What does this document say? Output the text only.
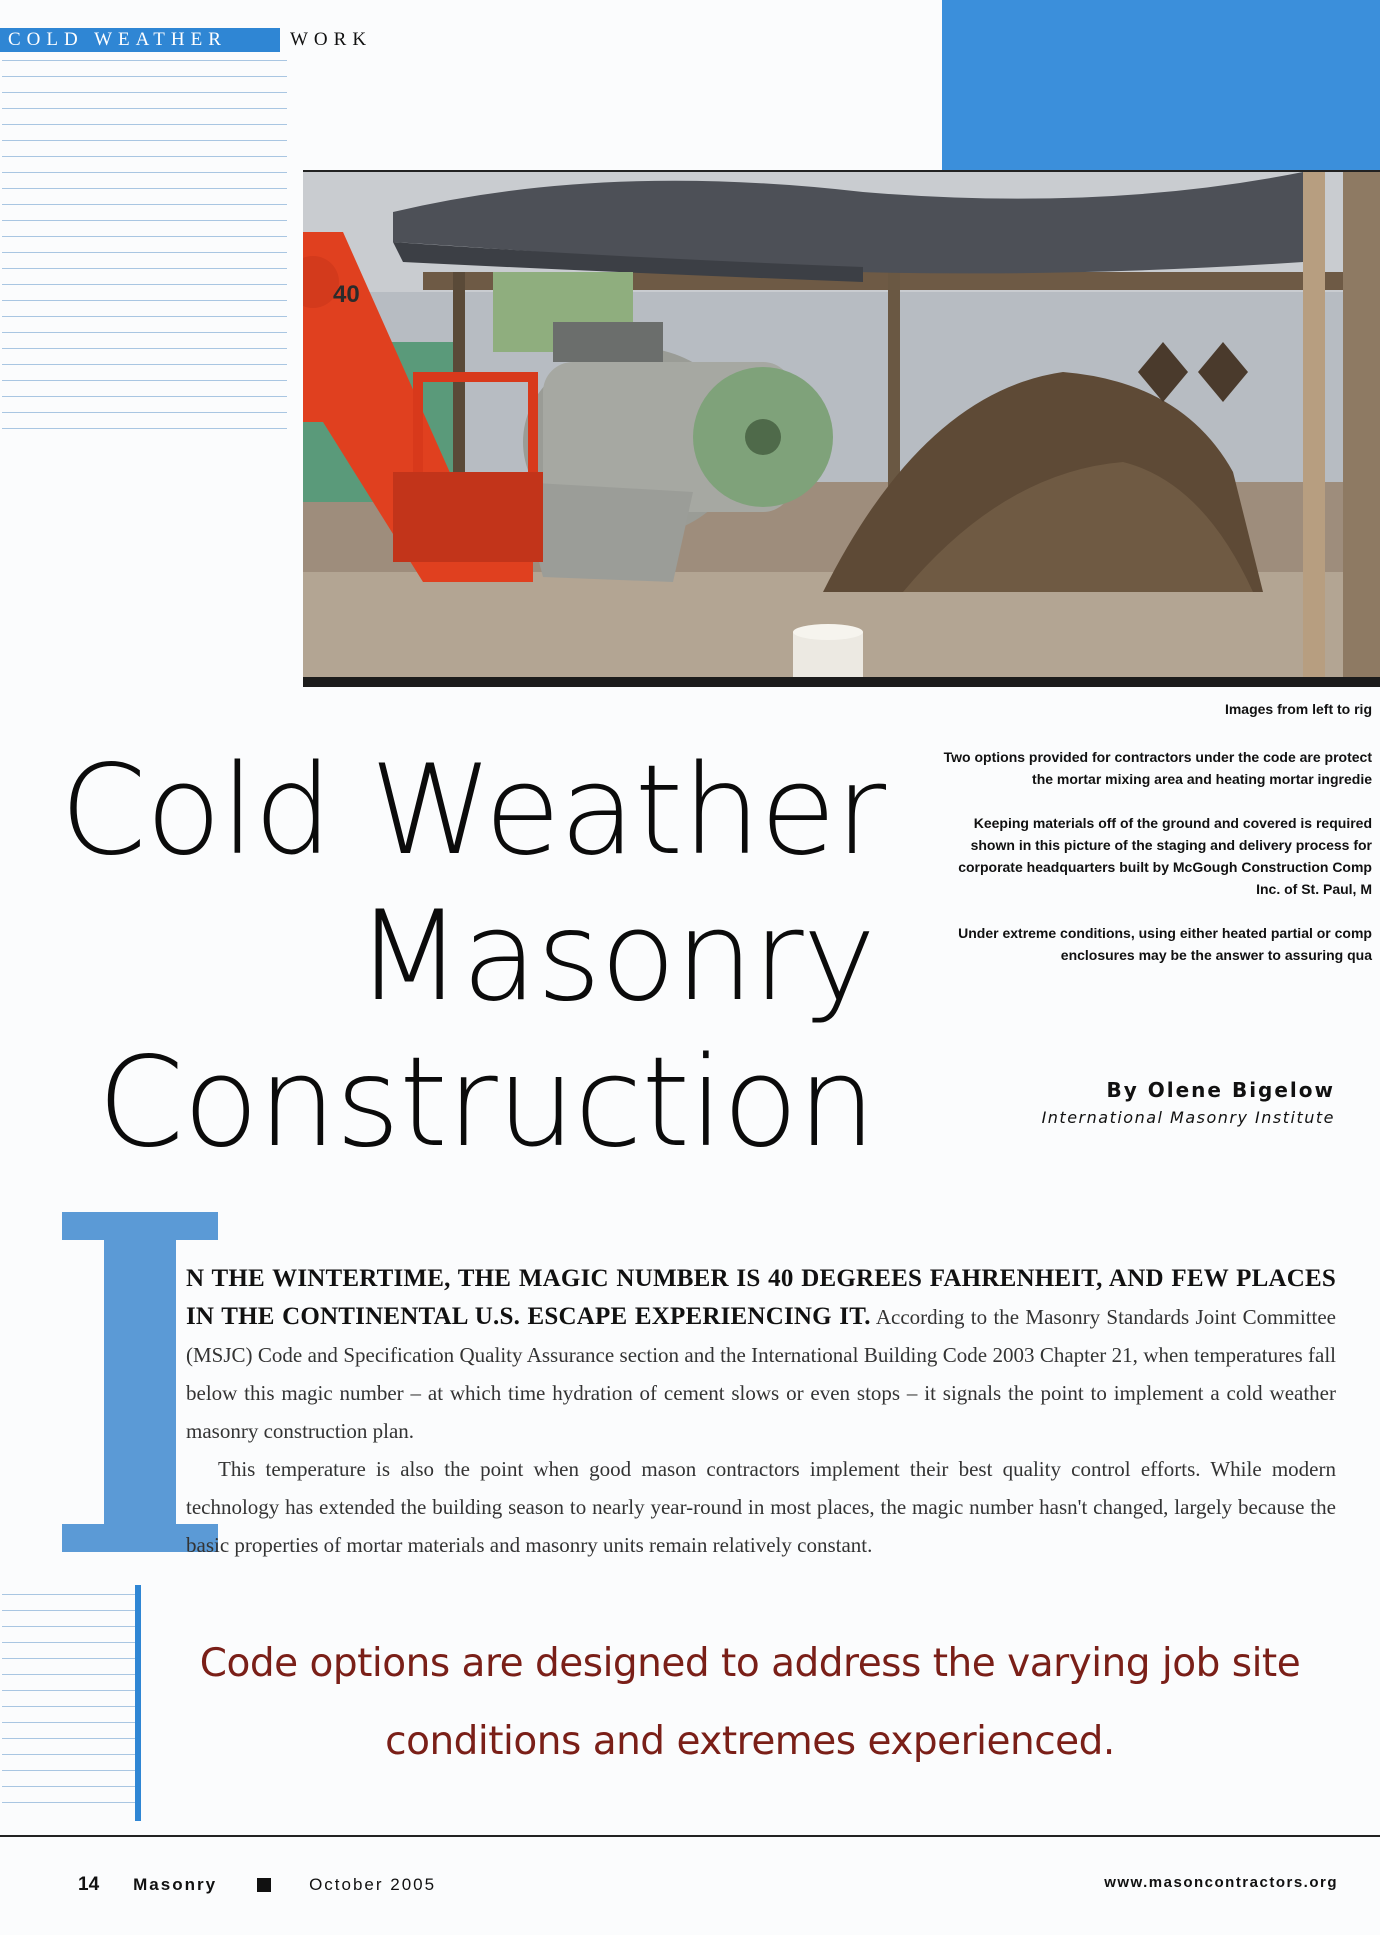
COLD WEATHER	WORK
40

Images from left to rig

Two options provided for contractors under the code are protect the mortar mixing area and heating mortar ingredie

Keeping materials off of the ground and covered is required shown in this picture of the staging and delivery process for corporate headquarters built by McGough Construction Comp Inc. of St. Paul, M

Under extreme conditions, using either heated partial or comp enclosures may be the answer to assuring qua

Cold Weather
Masonry
Construction	By Olene Bigelow
International Masonry Institute

N THE WINTERTIME, THE MAGIC NUMBER IS 40 DEGREES FAHRENHEIT, AND FEW PLACES IN THE CONTINENTAL U.S. ESCAPE EXPERIENCING IT. According to the Masonry Standards Joint Committee (MSJC) Code and Specification Quality Assurance section and the International Building Code 2003 Chapter 21, when temperatures fall below this magic number – at which time hydration of cement slows or even stops – it signals the point to implement a cold weather masonry construction plan.

This temperature is also the point when good mason contractors implement their best quality control efforts. While modern technology has extended the building season to nearly year-round in most places, the magic number hasn't changed, largely because the basic properties of mortar materials and masonry units remain relatively constant.

Code options are designed to address the varying job site
conditions and extremes experienced.
14 Masonry	October 2005	www.masoncontractors.org
